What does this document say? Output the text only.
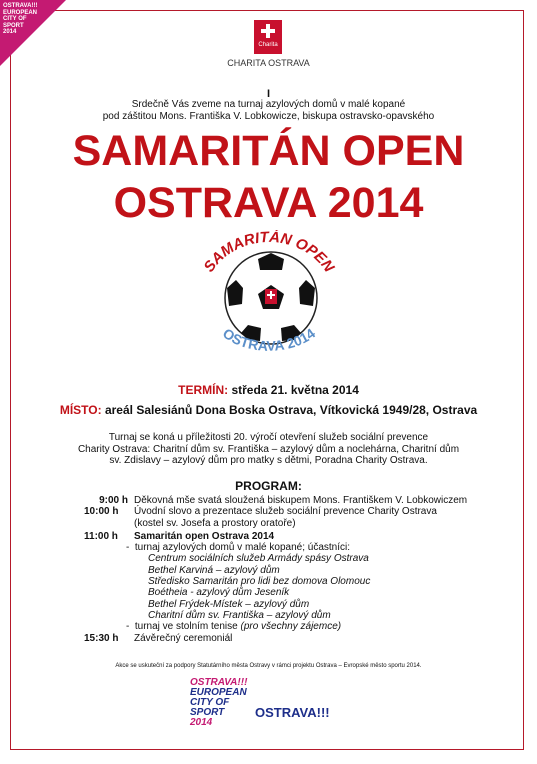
OSTRAVA!!!
EUROPEAN
CITY OF
SPORT
2014
Charita
CHARITA OSTRAVA
I
Srdečně Vás zveme na turnaj azylových domů v malé kopané
pod záštitou Mons. Františka V. Lobkowicze, biskupa ostravsko-opavského
SAMARITÁN OPEN
OSTRAVA 2014
SAMARITÁN OPEN
OSTRAVA 2014
TERMÍN: středa 21. května 2014
MÍSTO: areál Salesiánů Dona Boska Ostrava, Vítkovická 1949/28, Ostrava
Turnaj se koná u příležitosti 20. výročí otevření služeb sociální prevence
Charity Ostrava: Charitní dům sv. Františka – azylový dům a noclehárna, Charitní dům
sv. Zdislavy – azylový dům pro matky s dětmi, Poradna Charity Ostrava.
PROGRAM:
9:00 h Děkovná mše svatá sloužená biskupem Mons. Františkem V. Lobkowiczem
10:00 h Úvodní slovo a prezentace služeb sociální prevence Charity Ostrava
(kostel sv. Josefa a prostory oratoře)
11:00 h Samaritán open Ostrava 2014
-  turnaj azylových domů v malé kopané; účastníci:
Centrum sociálních služeb Armády spásy Ostrava
Bethel Karviná – azylový dům
Středisko Samaritán pro lidi bez domova Olomouc
Boétheia - azylový dům Jeseník
Bethel Frýdek-Místek – azylový dům
Charitní dům sv. Františka – azylový dům
-  turnaj ve stolním tenise (pro všechny zájemce)
15:30 h Závěrečný ceremoniál
Akce se uskuteční za podpory Statutárního města Ostravy v rámci projektu Ostrava – Evropské město sportu 2014.
OSTRAVA!!!
EUROPEAN
CITY OF
SPORT
2014
OSTRAVA!!!
